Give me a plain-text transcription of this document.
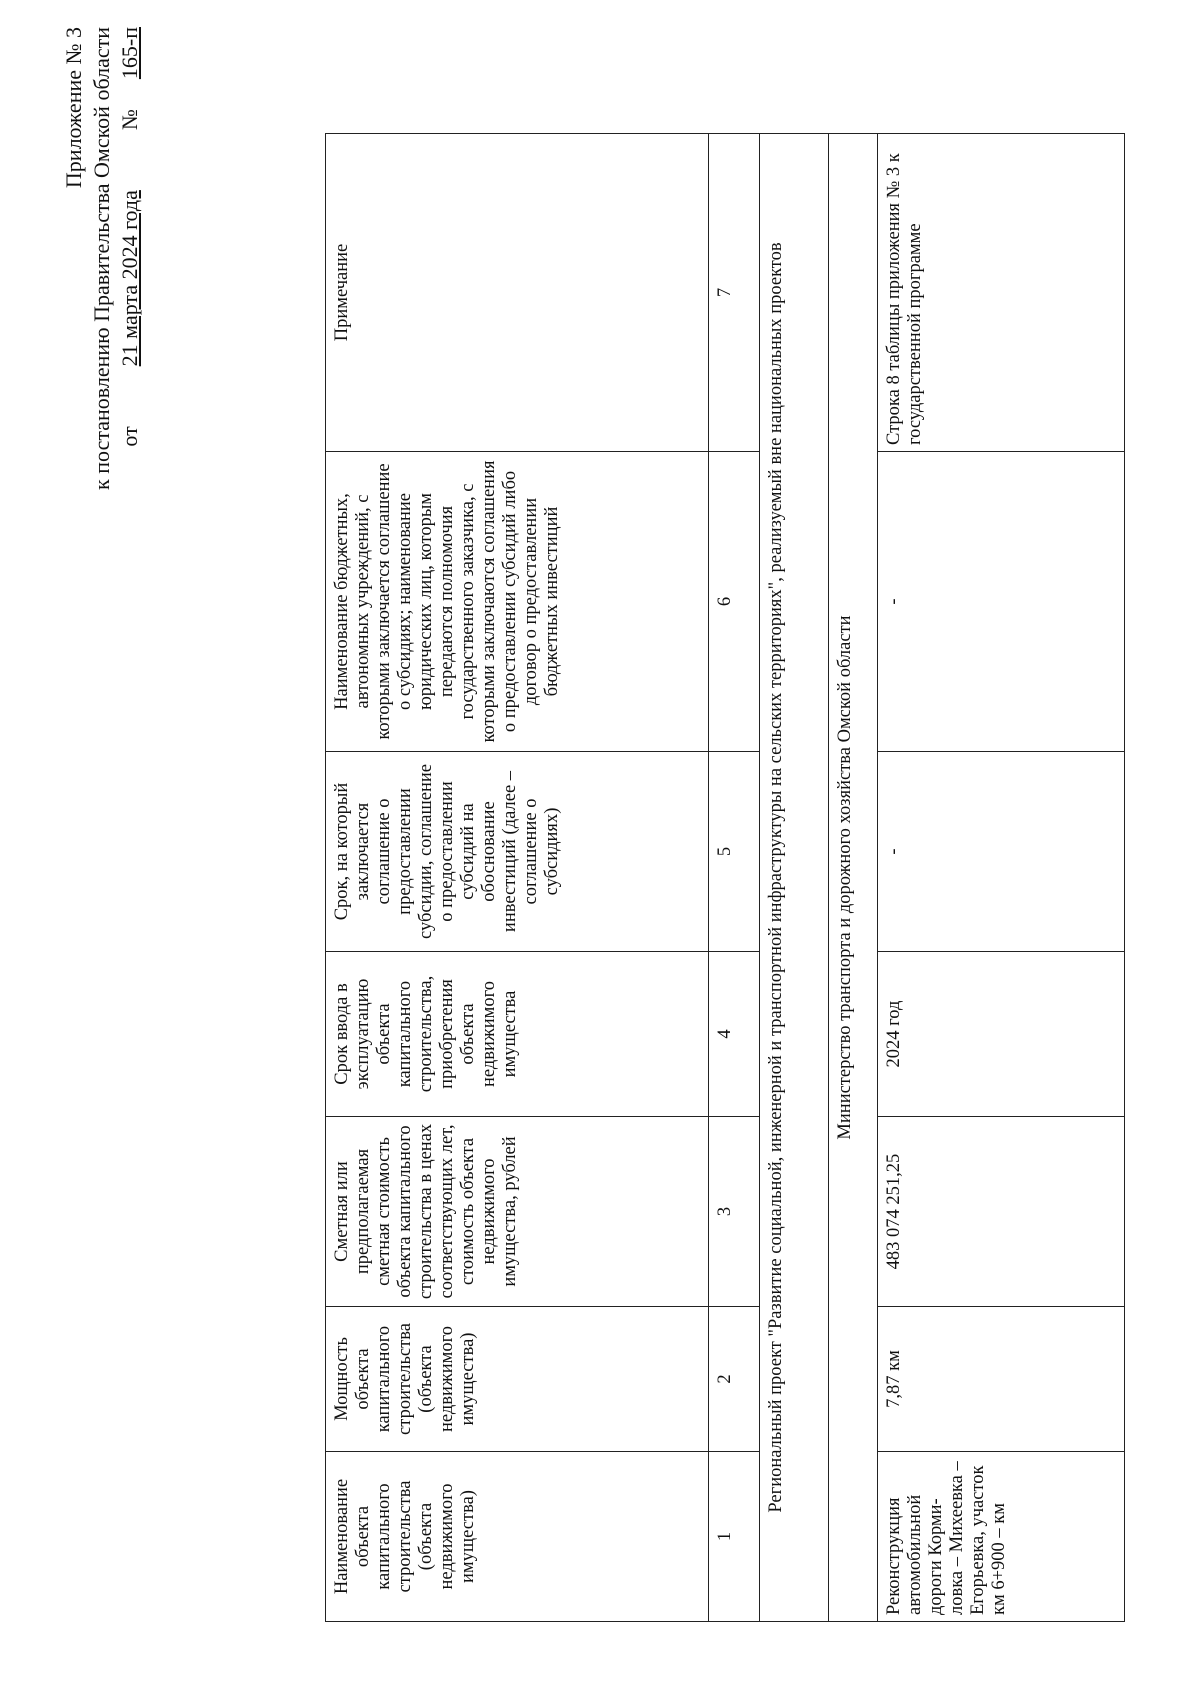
Приложение № 3 к постановлению Правительства Омской области от21 марта 2024 года№165-п
Наименование объекта капитального строительства (объекта недвижимого имущества)	Мощность объекта капитального строительства (объекта недвижимого имущества)	Сметная или предполагаемая сметная стоимость объекта капитального строительства в ценах соответствующих лет, стоимость объекта недвижимого имущества, рублей	Срок ввода в эксплуатацию объекта капитального строительства, приобретения объекта недвижимого имущества	Срок, на который заключается соглашение о предоставлении субсидии, соглашение о предоставлении субсидий на обоснование инвестиций (далее – соглашение о субсидиях)	Наименование бюджетных, автономных учреждений, с которыми заключается соглашение о субсидиях; наименование юридических лиц, которым передаются полномочия государственного заказчика, с которыми заключаются соглашения о предоставлении субсидий либо договор о предоставлении бюджетных инвестиций	Примечание
1	2	3	4	5	6	7
Региональный проект "Развитие социальной, инженерной и транспортной инфраструктуры на сельских территориях", реализуемый вне национальных проектов						
Министерство транспорта и дорожного хозяйства Омской области						
Реконструкция автомобильной дороги Корми-ловка – Михеевка – Егорьевка, участок км 6+900 – км	7,87 км	483 074 251,25	2024 год	-	-	Строка 8 таблицы приложения № 3 к государственной программе
